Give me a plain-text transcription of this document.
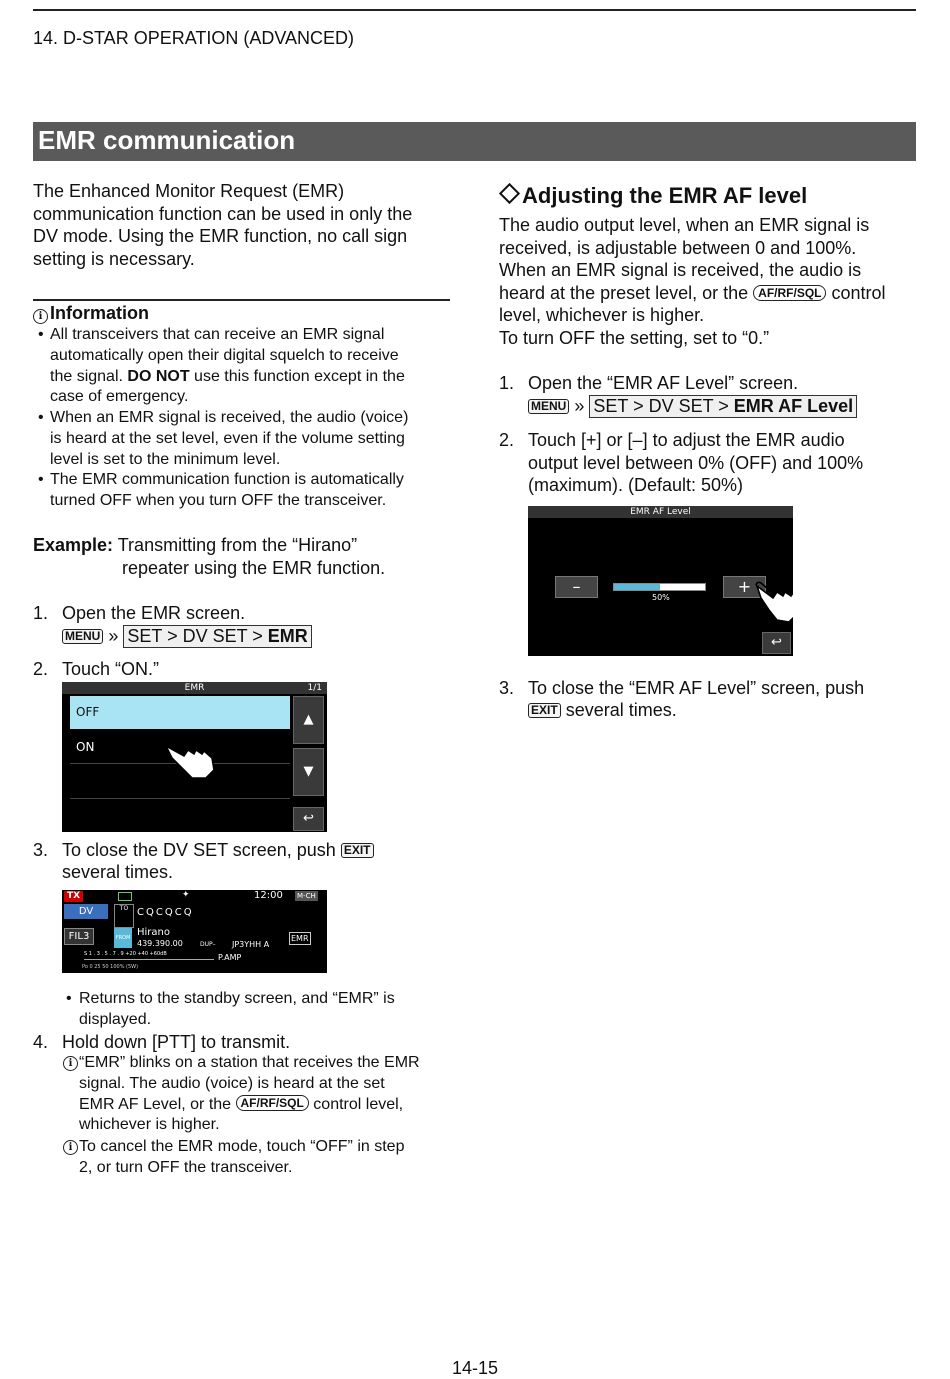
14. D-STAR OPERATION (ADVANCED)
EMR communication
The Enhanced Monitor Request (EMR)
communication function can be used in only the
DV mode. Using the EMR function, no call sign
setting is necessary.
i Information
• All transceivers that can receive an EMR signal
automatically open their digital squelch to receive
the signal. DO NOT use this function except in the
case of emergency.
• When an EMR signal is received, the audio (voice)
is heard at the set level, even if the volume setting
level is set to the minimum level.
• The EMR communication function is automatically
turned OFF when you turn OFF the transceiver.
Example: Transmitting from the “Hirano”
repeater using the EMR function.
1. Open the EMR screen.
MENU » SET > DV SET > EMR
2. Touch “ON.”
EMR	1/1
OFF
ON
▲
▼
↩
3. To close the DV SET screen, push EXIT
several times.
TX	✦	12:00 M-CH
DV
FIL3
TO CQCQCQ
FROM Hirano
439.390.00	DUP– JP3YHH A
EMR
S 1 . 3 . 5 . 7 . 9 +20 +40 +60dB	P.AMP
Po 0 25 50 100% (5W)
• Returns to the standby screen, and “EMR” is
displayed.
4. Hold down [PTT] to transmit.
i “EMR” blinks on a station that receives the EMR
signal. The audio (voice) is heard at the set
EMR AF Level, or the AF/RF/SQL control level,
whichever is higher.
i To cancel the EMR mode, touch “OFF” in step
2, or turn OFF the transceiver.
Adjusting the EMR AF level
The audio output level, when an EMR signal is
received, is adjustable between 0 and 100%.
When an EMR signal is received, the audio is
heard at the preset level, or the AF/RF/SQL control
level, whichever is higher.
To turn OFF the setting, set to “0.”
1. Open the “EMR AF Level” screen.
MENU » SET > DV SET > EMR AF Level
2. Touch [+] or [–] to adjust the EMR audio
output level between 0% (OFF) and 100%
(maximum). (Default: 50%)
EMR AF Level
–
50%
+
↩
3. To close the “EMR AF Level” screen, push
EXIT several times.
14-15
